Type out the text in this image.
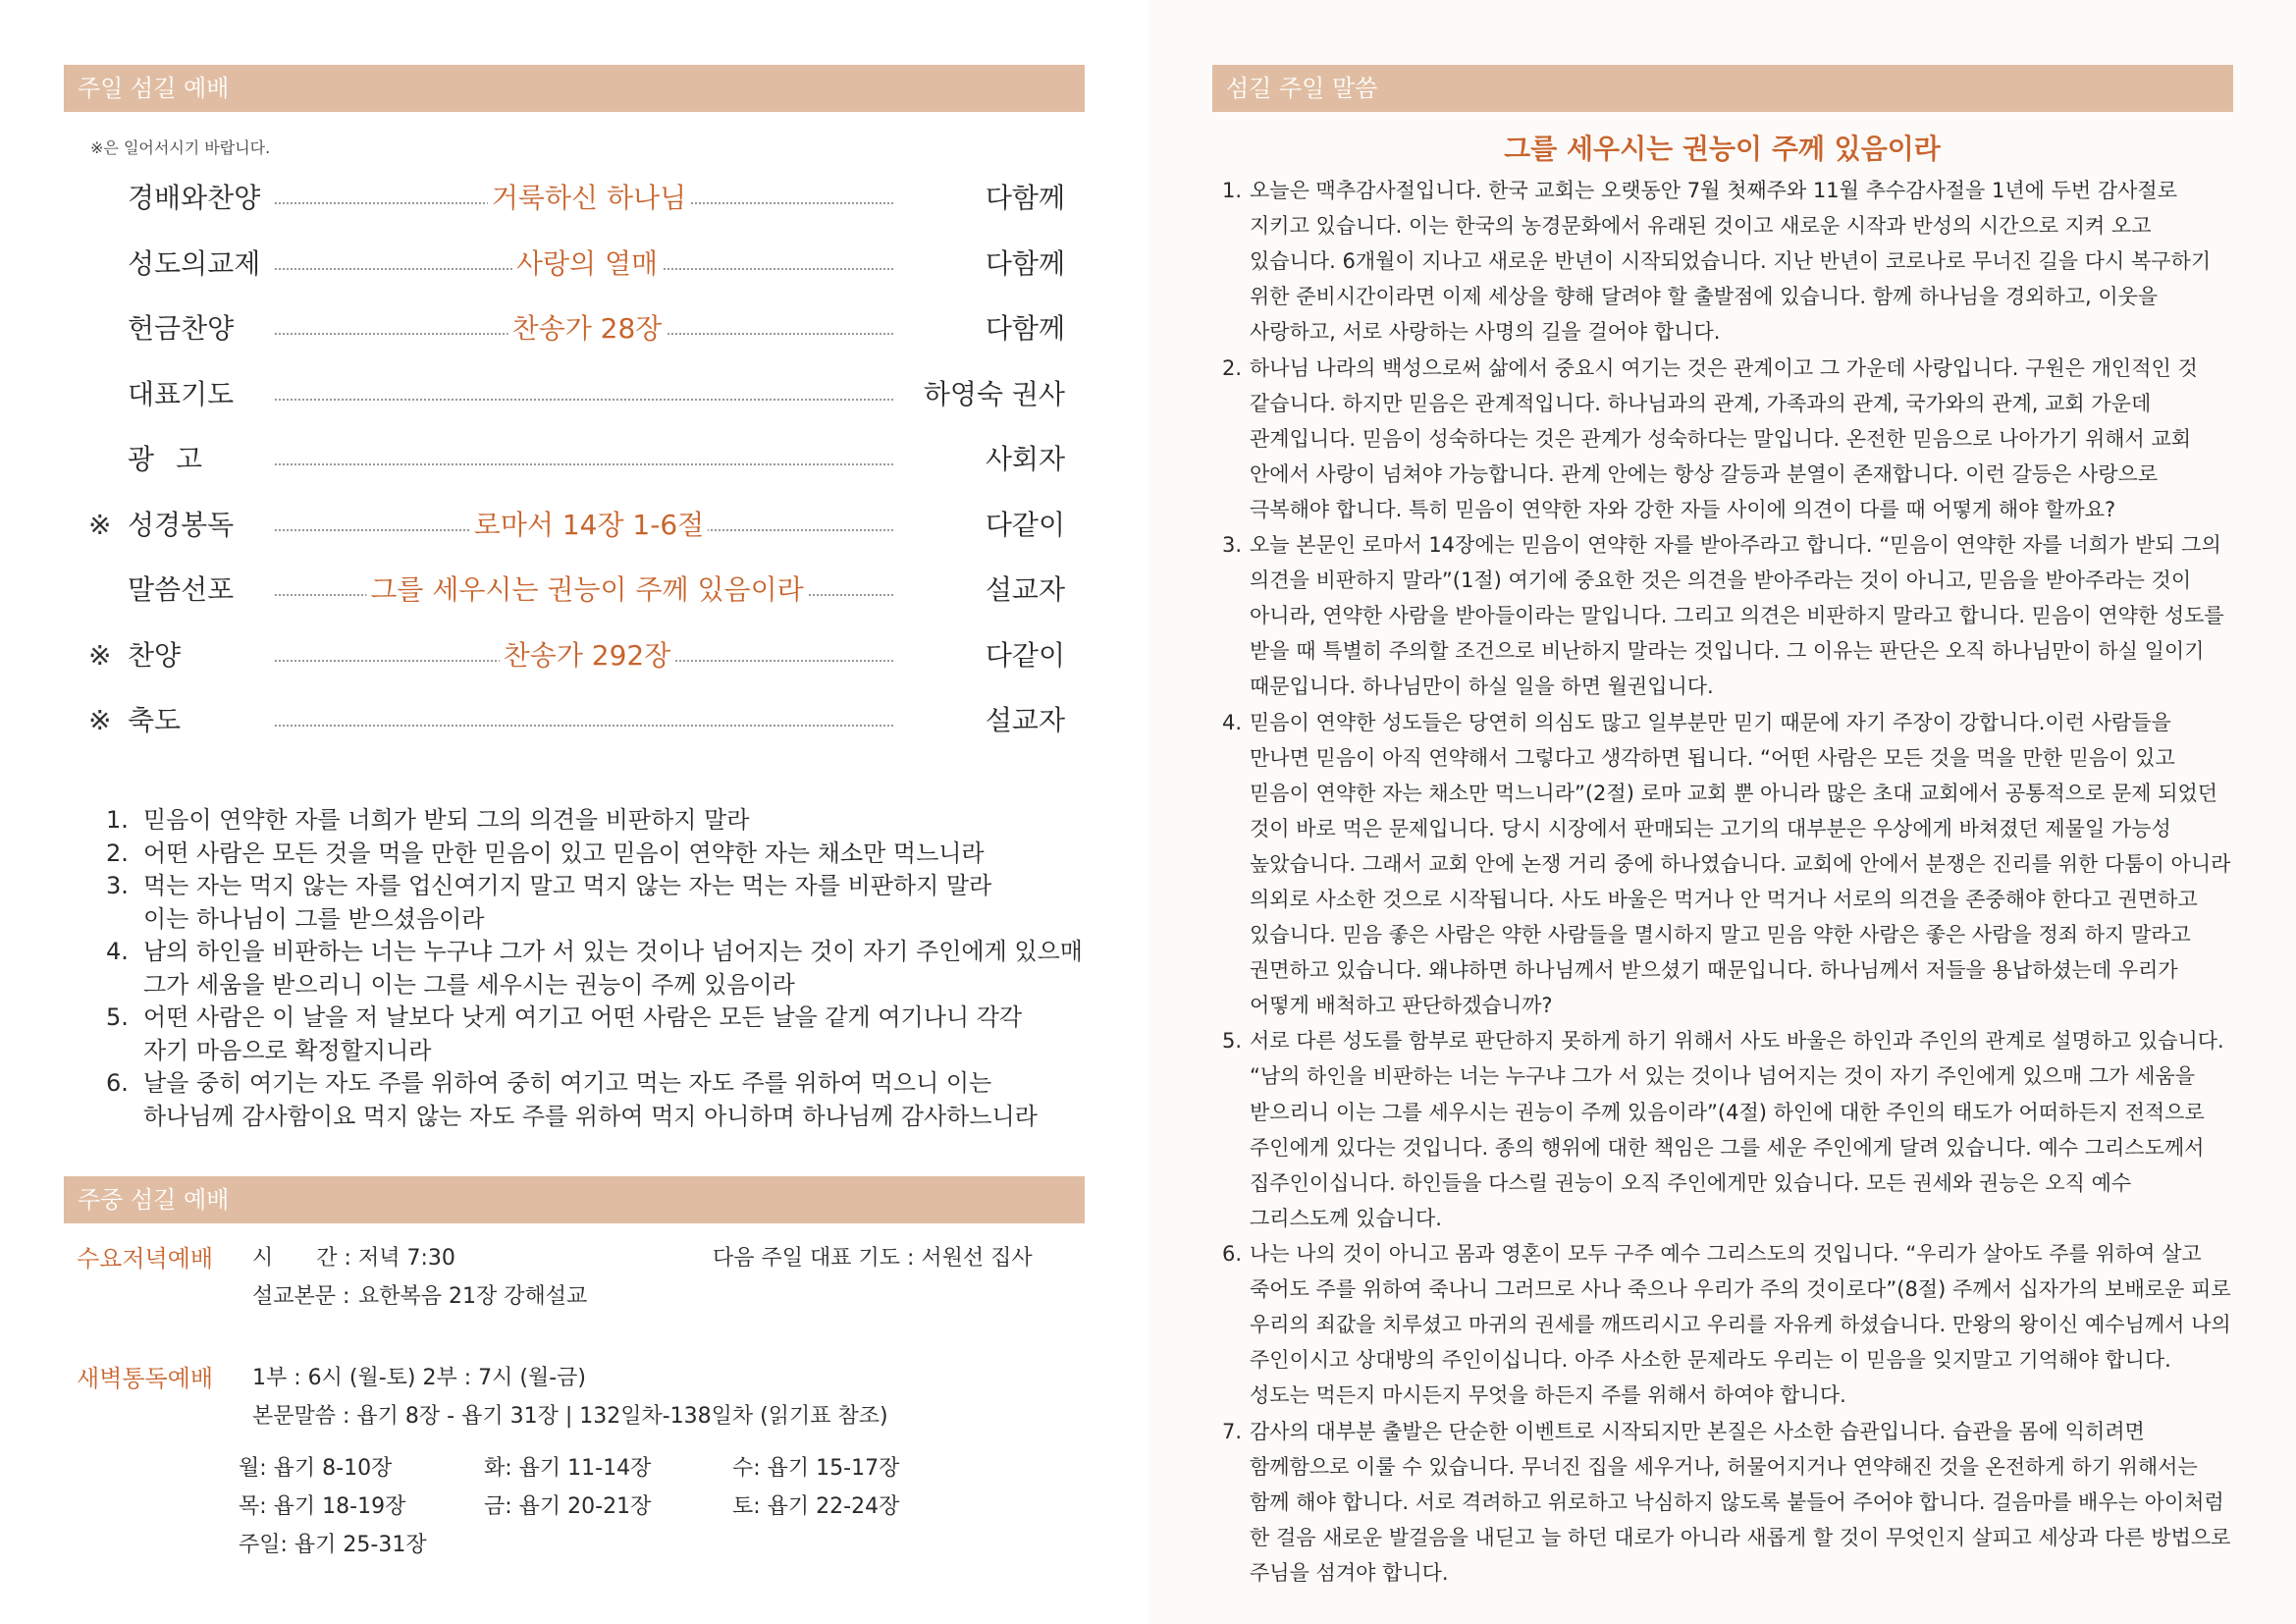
주일 섬길 예배
※은 일어서시기 바랍니다.
경배와찬양	거룩하신 하나님	다함께
성도의교제	사랑의 열매	다함께
헌금찬양	찬송가 28장	다함께
대표기도	하영숙 권사
광고	사회자
※ 성경봉독	로마서 14장 1-6절	다같이
말씀선포	그를 세우시는 권능이 주께 있음이라	설교자
※ 찬양	찬송가 292장	다같이
※ 축도	설교자
1. 믿음이 연약한 자를 너희가 받되 그의 의견을 비판하지 말라
2. 어떤 사람은 모든 것을 먹을 만한 믿음이 있고 믿음이 연약한 자는 채소만 먹느니라
3. 먹는 자는 먹지 않는 자를 업신여기지 말고 먹지 않는 자는 먹는 자를 비판하지 말라
이는 하나님이 그를 받으셨음이라
4. 남의 하인을 비판하는 너는 누구냐 그가 서 있는 것이나 넘어지는 것이 자기 주인에게 있으매
그가 세움을 받으리니 이는 그를 세우시는 권능이 주께 있음이라
5. 어떤 사람은 이 날을 저 날보다 낫게 여기고 어떤 사람은 모든 날을 같게 여기나니 각각
자기 마음으로 확정할지니라
6. 날을 중히 여기는 자도 주를 위하여 중히 여기고 먹는 자도 주를 위하여 먹으니 이는
하나님께 감사함이요 먹지 않는 자도 주를 위하여 먹지 아니하며 하나님께 감사하느니라
주중 섬길 예배
수요저녁예배 시　　간 : 저녁 7:30	다음 주일 대표 기도 : 서원선 집사
설교본문 : 요한복음 21장 강해설교
새벽통독예배 1부 : 6시 (월-토) 2부 : 7시 (월-금)
본문말씀 : 욥기 8장 - 욥기 31장 | 132일차-138일차 (읽기표 참조)
월: 욥기 8-10장	화: 욥기 11-14장	수: 욥기 15-17장
목: 욥기 18-19장	금: 욥기 20-21장	토: 욥기 22-24장
주일: 욥기 25-31장
섬길 주일 말씀
그를 세우시는 권능이 주께 있음이라
1. 오늘은 맥추감사절입니다. 한국 교회는 오랫동안 7월 첫째주와 11월 추수감사절을 1년에 두번 감사절로
지키고 있습니다. 이는 한국의 농경문화에서 유래된 것이고 새로운 시작과 반성의 시간으로 지켜 오고
있습니다. 6개월이 지나고 새로운 반년이 시작되었습니다. 지난 반년이 코로나로 무너진 길을 다시 복구하기
위한 준비시간이라면 이제 세상을 향해 달려야 할 출발점에 있습니다. 함께 하나님을 경외하고, 이웃을
사랑하고, 서로 사랑하는 사명의 길을 걸어야 합니다.
2. 하나님 나라의 백성으로써 삶에서 중요시 여기는 것은 관계이고 그 가운데 사랑입니다. 구원은 개인적인 것
같습니다. 하지만 믿음은 관계적입니다. 하나님과의 관계, 가족과의 관계, 국가와의 관계, 교회 가운데
관계입니다. 믿음이 성숙하다는 것은 관계가 성숙하다는 말입니다. 온전한 믿음으로 나아가기 위해서 교회
안에서 사랑이 넘쳐야 가능합니다. 관계 안에는 항상 갈등과 분열이 존재합니다. 이런 갈등은 사랑으로
극복해야 합니다. 특히 믿음이 연약한 자와 강한 자들 사이에 의견이 다를 때 어떻게 해야 할까요?
3. 오늘 본문인 로마서 14장에는 믿음이 연약한 자를 받아주라고 합니다. “믿음이 연약한 자를 너희가 받되 그의
의견을 비판하지 말라”(1절) 여기에 중요한 것은 의견을 받아주라는 것이 아니고, 믿음을 받아주라는 것이
아니라, 연약한 사람을 받아들이라는 말입니다. 그리고 의견은 비판하지 말라고 합니다. 믿음이 연약한 성도를
받을 때 특별히 주의할 조건으로 비난하지 말라는 것입니다. 그 이유는 판단은 오직 하나님만이 하실 일이기
때문입니다. 하나님만이 하실 일을 하면 월권입니다.
4. 믿음이 연약한 성도들은 당연히 의심도 많고 일부분만 믿기 때문에 자기 주장이 강합니다.이런 사람들을
만나면 믿음이 아직 연약해서 그렇다고 생각하면 됩니다. “어떤 사람은 모든 것을 먹을 만한 믿음이 있고
믿음이 연약한 자는 채소만 먹느니라”(2절) 로마 교회 뿐 아니라 많은 초대 교회에서 공통적으로 문제 되었던
것이 바로 먹은 문제입니다. 당시 시장에서 판매되는 고기의 대부분은 우상에게 바쳐졌던 제물일 가능성
높았습니다. 그래서 교회 안에 논쟁 거리 중에 하나였습니다. 교회에 안에서 분쟁은 진리를 위한 다툼이 아니라
의외로 사소한 것으로 시작됩니다. 사도 바울은 먹거나 안 먹거나 서로의 의견을 존중해야 한다고 권면하고
있습니다. 믿음 좋은 사람은 약한 사람들을 멸시하지 말고 믿음 약한 사람은 좋은 사람을 정죄 하지 말라고
권면하고 있습니다. 왜냐하면 하나님께서 받으셨기 때문입니다. 하나님께서 저들을 용납하셨는데 우리가
어떻게 배척하고 판단하겠습니까?
5. 서로 다른 성도를 함부로 판단하지 못하게 하기 위해서 사도 바울은 하인과 주인의 관계로 설명하고 있습니다.
“남의 하인을 비판하는 너는 누구냐 그가 서 있는 것이나 넘어지는 것이 자기 주인에게 있으매 그가 세움을
받으리니 이는 그를 세우시는 권능이 주께 있음이라”(4절) 하인에 대한 주인의 태도가 어떠하든지 전적으로
주인에게 있다는 것입니다. 종의 행위에 대한 책임은 그를 세운 주인에게 달려 있습니다. 예수 그리스도께서
집주인이십니다. 하인들을 다스릴 권능이 오직 주인에게만 있습니다. 모든 권세와 권능은 오직 예수
그리스도께 있습니다.
6. 나는 나의 것이 아니고 몸과 영혼이 모두 구주 예수 그리스도의 것입니다. “우리가 살아도 주를 위하여 살고
죽어도 주를 위하여 죽나니 그러므로 사나 죽으나 우리가 주의 것이로다”(8절) 주께서 십자가의 보배로운 피로
우리의 죄값을 치루셨고 마귀의 권세를 깨뜨리시고 우리를 자유케 하셨습니다. 만왕의 왕이신 예수님께서 나의
주인이시고 상대방의 주인이십니다. 아주 사소한 문제라도 우리는 이 믿음을 잊지말고 기억해야 합니다.
성도는 먹든지 마시든지 무엇을 하든지 주를 위해서 하여야 합니다.
7. 감사의 대부분 출발은 단순한 이벤트로 시작되지만 본질은 사소한 습관입니다. 습관을 몸에 익히려면
함께함으로 이룰 수 있습니다. 무너진 집을 세우거나, 허물어지거나 연약해진 것을 온전하게 하기 위해서는
함께 해야 합니다. 서로 격려하고 위로하고 낙심하지 않도록 붙들어 주어야 합니다. 걸음마를 배우는 아이처럼
한 걸음 새로운 발걸음을 내딛고 늘 하던 대로가 아니라 새롭게 할 것이 무엇인지 살피고 세상과 다른 방법으로
주님을 섬겨야 합니다.
